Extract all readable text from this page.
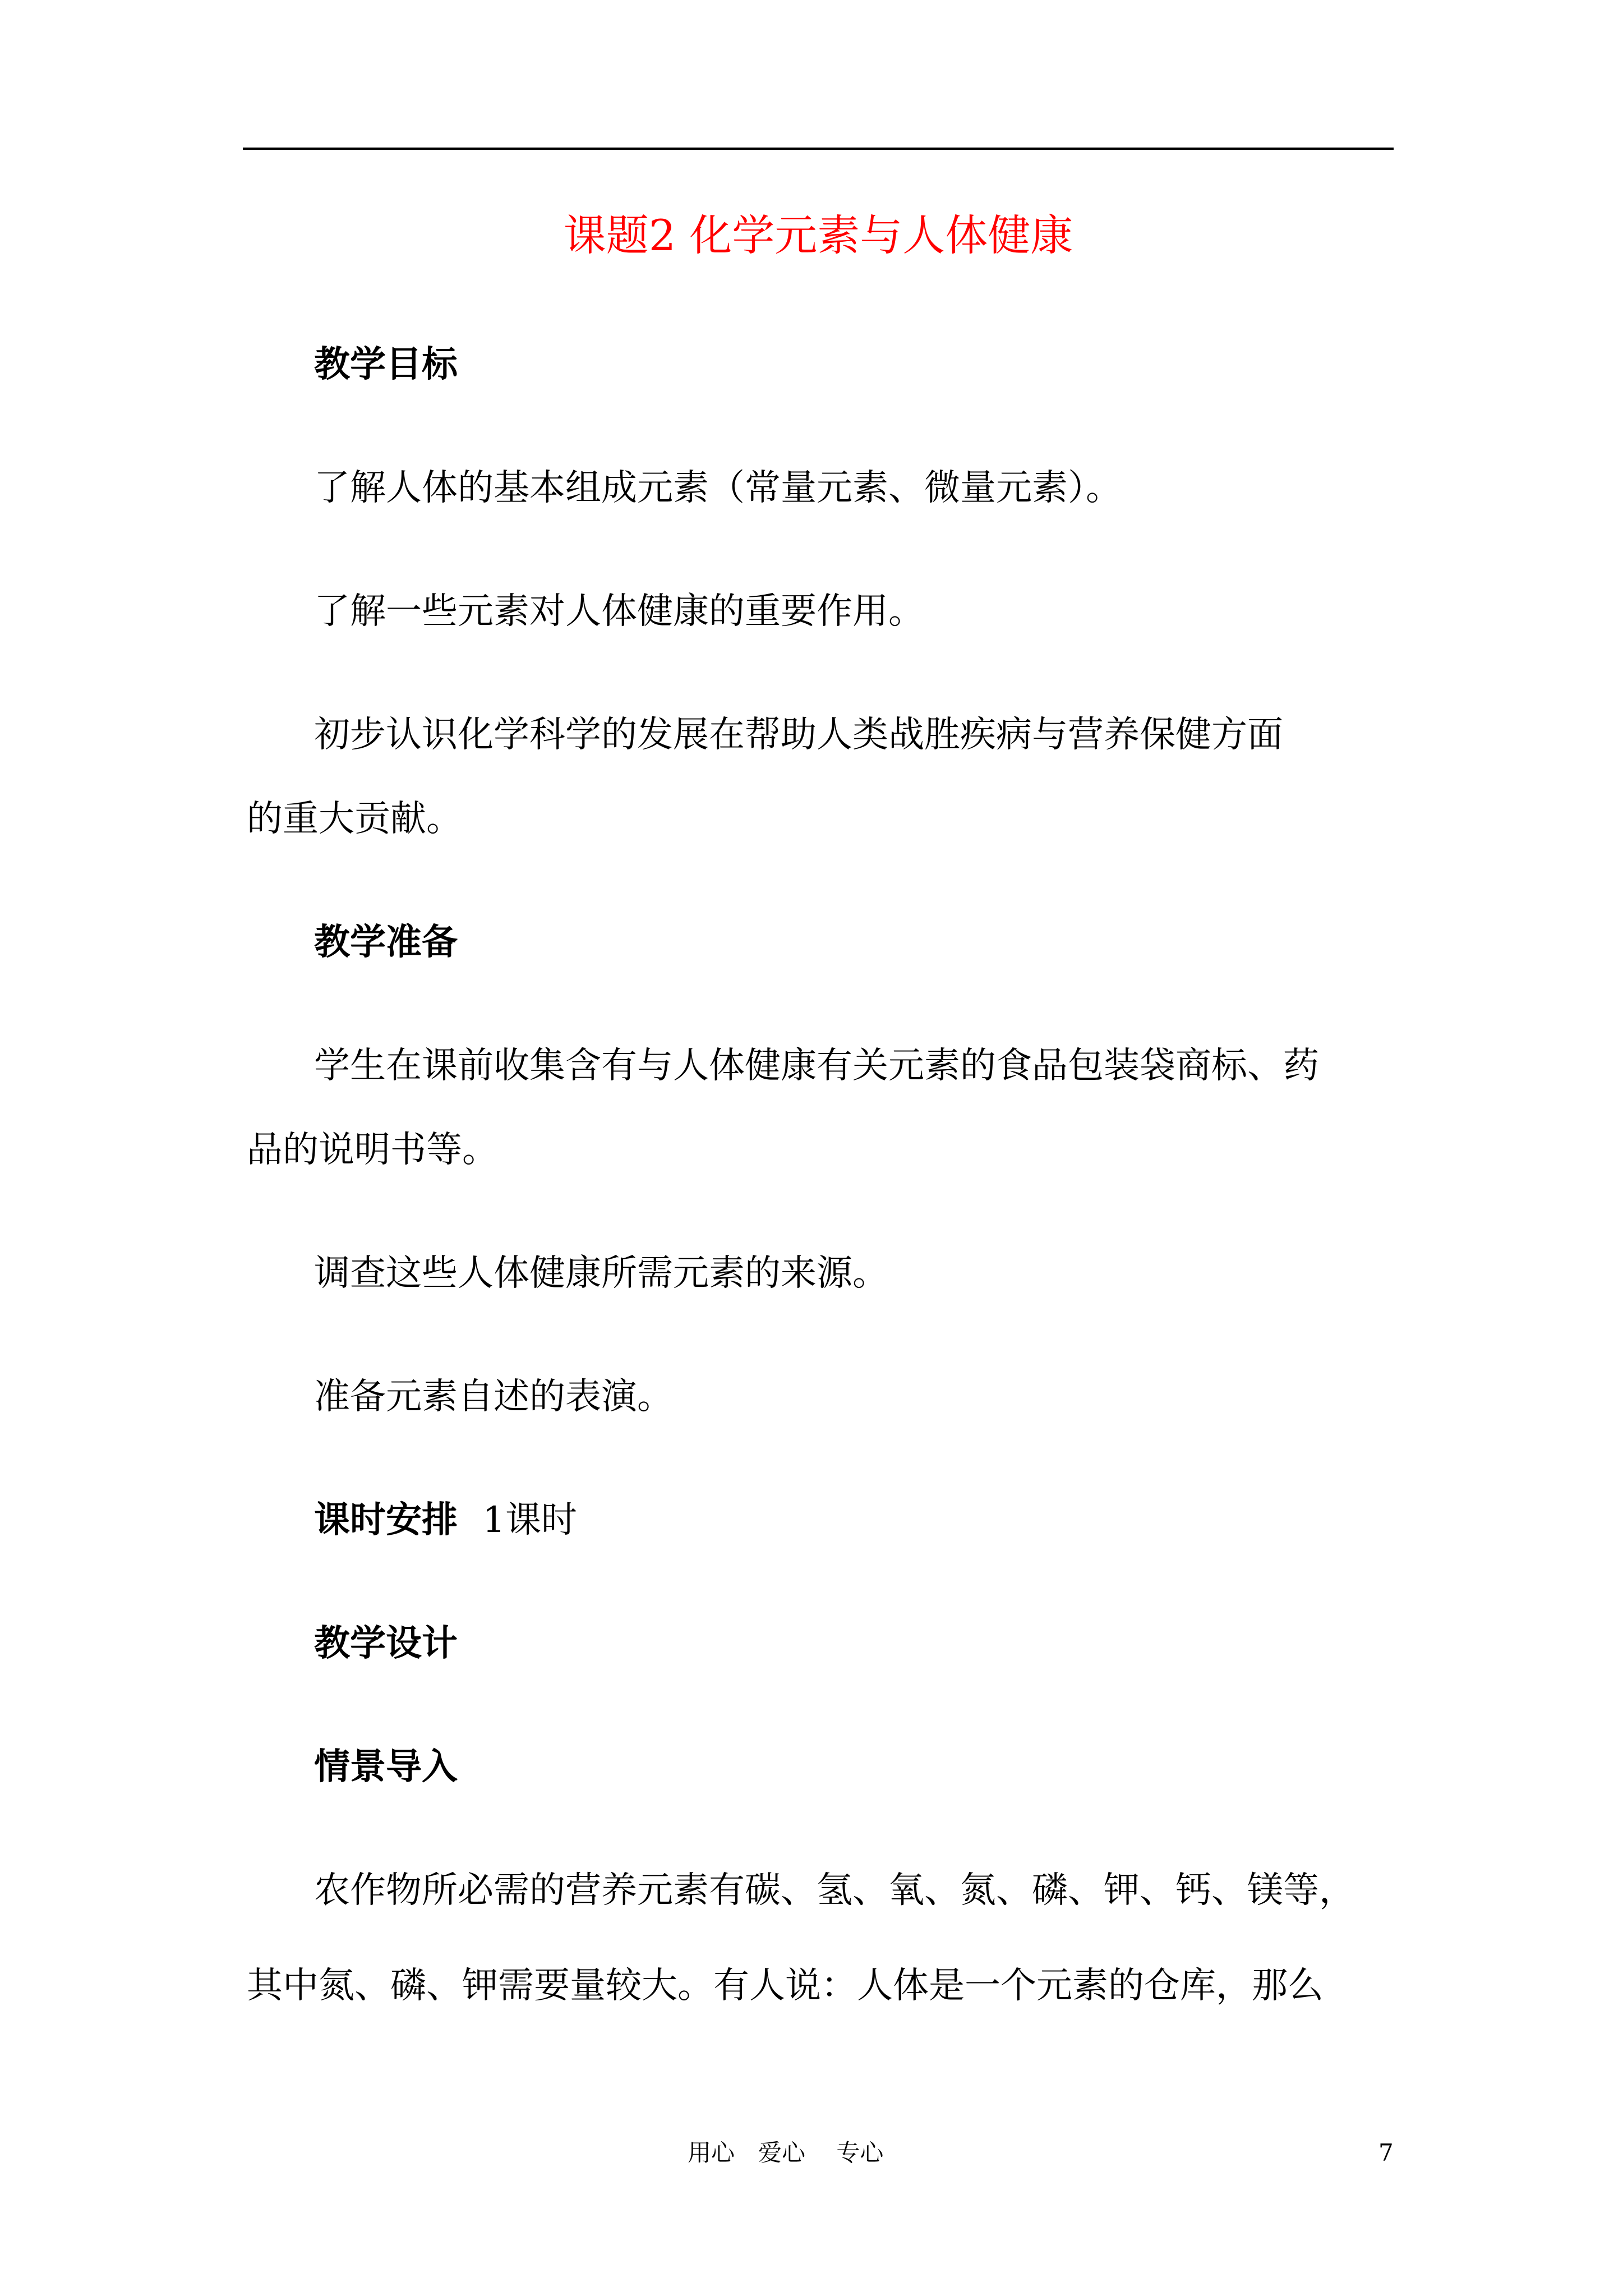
课题2 化学元素与人体健康
教学目标
了解人体的基本组成元素（常量元素、微量元素）。
了解一些元素对人体健康的重要作用。
初步认识化学科学的发展在帮助人类战胜疾病与营养保健方面
的重大贡献。
教学准备
学生在课前收集含有与人体健康有关元素的食品包装袋商标、药
品的说明书等。
调查这些人体健康所需元素的来源。
准备元素自述的表演。
课时安排 1课时
教学设计
情景导入
农作物所必需的营养元素有碳、氢、氧、氮、磷、钾、钙、镁等，
其中氮、磷、钾需要量较大。有人说：人体是一个元素的仓库，那么
用心　爱心　 专心	7
